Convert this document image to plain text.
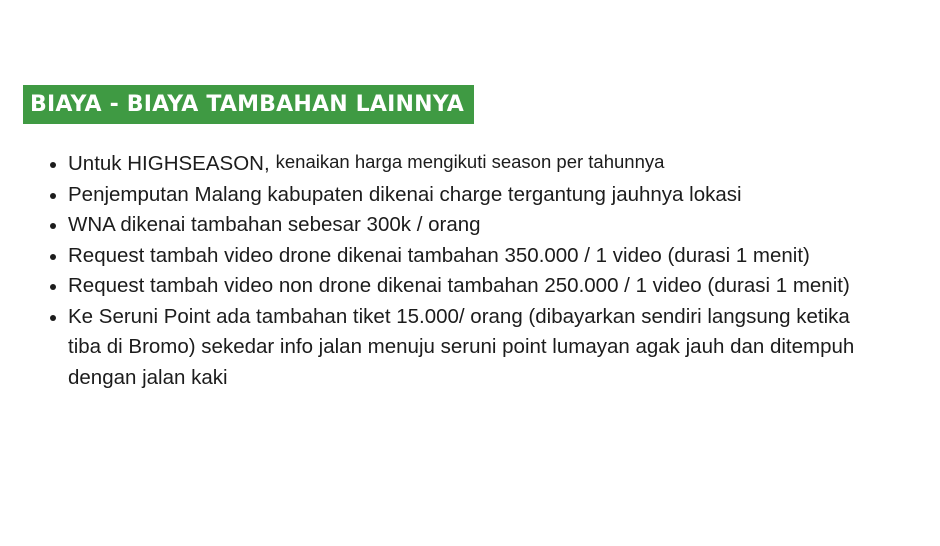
BIAYA - BIAYA TAMBAHAN LAINNYA
Untuk HIGHSEASON, kenaikan harga mengikuti season per tahunnya
Penjemputan Malang kabupaten dikenai charge tergantung jauhnya lokasi
WNA dikenai tambahan sebesar 300k / orang
Request tambah video drone dikenai tambahan 350.000 / 1 video (durasi 1 menit)
Request tambah video non drone dikenai tambahan 250.000 / 1 video (durasi 1 menit)
Ke Seruni Point ada tambahan tiket 15.000/ orang (dibayarkan sendiri langsung ketika tiba di Bromo) sekedar info jalan menuju seruni point lumayan agak jauh dan ditempuh dengan jalan kaki
